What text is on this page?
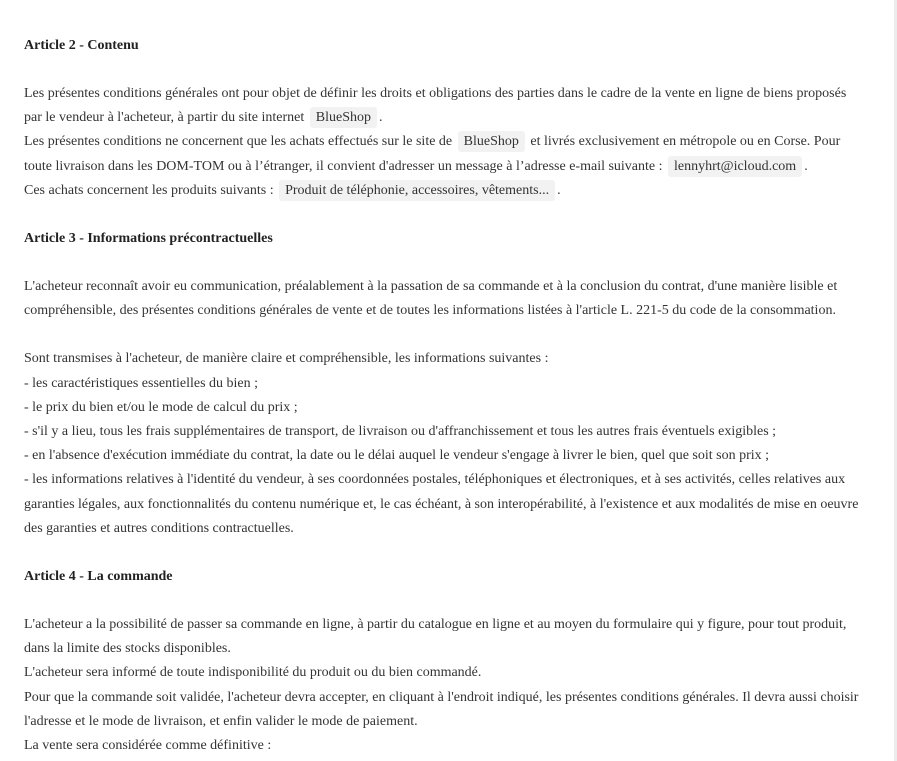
Article 2 - Contenu

Les présentes conditions générales ont pour objet de définir les droits et obligations des parties dans le cadre de la vente en ligne de biens proposés par le vendeur à l'acheteur, à partir du site internet BlueShop .

Les présentes conditions ne concernent que les achats effectués sur le site de BlueShop et livrés exclusivement en métropole ou en Corse. Pour toute livraison dans les DOM-TOM ou à l’étranger, il convient d'adresser un message à l’adresse e-mail suivante : lennyhrt@icloud.com .

Ces achats concernent les produits suivants : Produit de téléphonie, accessoires, vêtements... .

Article 3 - Informations précontractuelles

L'acheteur reconnaît avoir eu communication, préalablement à la passation de sa commande et à la conclusion du contrat, d'une manière lisible et compréhensible, des présentes conditions générales de vente et de toutes les informations listées à l'article L. 221-5 du code de la consommation.

Sont transmises à l'acheteur, de manière claire et compréhensible, les informations suivantes :

- les caractéristiques essentielles du bien ;

- le prix du bien et/ou le mode de calcul du prix ;

- s'il y a lieu, tous les frais supplémentaires de transport, de livraison ou d'affranchissement et tous les autres frais éventuels exigibles ;

- en l'absence d'exécution immédiate du contrat, la date ou le délai auquel le vendeur s'engage à livrer le bien, quel que soit son prix ;

- les informations relatives à l'identité du vendeur, à ses coordonnées postales, téléphoniques et électroniques, et à ses activités, celles relatives aux garanties légales, aux fonctionnalités du contenu numérique et, le cas échéant, à son interopérabilité, à l'existence et aux modalités de mise en oeuvre des garanties et autres conditions contractuelles.

Article 4 - La commande

L'acheteur a la possibilité de passer sa commande en ligne, à partir du catalogue en ligne et au moyen du formulaire qui y figure, pour tout produit, dans la limite des stocks disponibles.

L'acheteur sera informé de toute indisponibilité du produit ou du bien commandé.

Pour que la commande soit validée, l'acheteur devra accepter, en cliquant à l'endroit indiqué, les présentes conditions générales. Il devra aussi choisir l'adresse et le mode de livraison, et enfin valider le mode de paiement.

La vente sera considérée comme définitive :
